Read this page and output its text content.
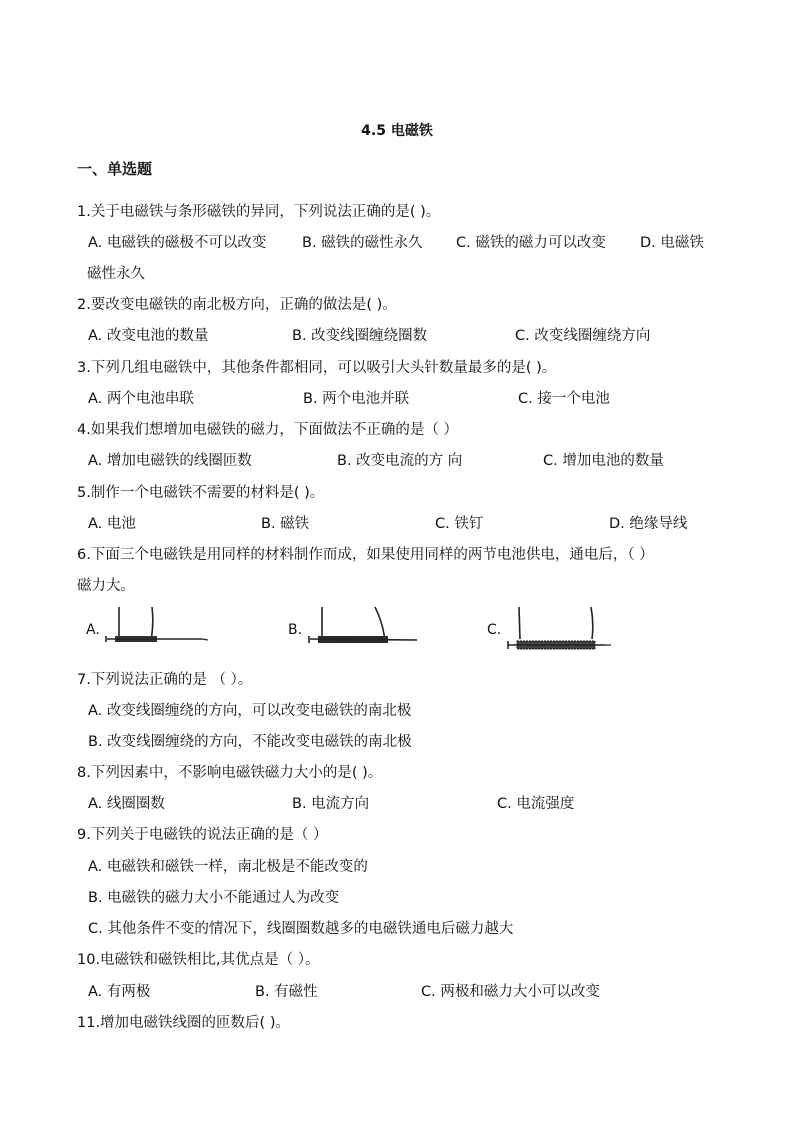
4.5 电磁铁
一、单选题
1.关于电磁铁与条形磁铁的异同，下列说法正确的是( )。
A. 电磁铁的磁极不可以改变 B. 磁铁的磁性永久 C. 磁铁的磁力可以改变 D. 电磁铁
磁性永久
2.要改变电磁铁的南北极方向，正确的做法是( )。
A. 改变电池的数量	B. 改变线圈缠绕圈数	C. 改变线圈缠绕方向
3.下列几组电磁铁中，其他条件都相同，可以吸引大头针数量最多的是( )。
A. 两个电池串联	B. 两个电池并联	C. 接一个电池
4.如果我们想增加电磁铁的磁力，下面做法不正确的是（ ）
A. 增加电磁铁的线圈匝数	B. 改变电流的方 向	C. 增加电池的数量
5.制作一个电磁铁不需要的材料是( )。
A. 电池	B. 磁铁	C. 铁钉	D. 绝缘导线
6.下面三个电磁铁是用同样的材料制作而成，如果使用同样的两节电池供电，通电后，（ ）
磁力大。
A.	B.	C.
7.下列说法正确的是 （ ）。
A. 改变线圈缠绕的方向，可以改变电磁铁的南北极
B. 改变线圈缠绕的方向，不能改变电磁铁的南北极
8.下列因素中，不影响电磁铁磁力大小的是( )。
A. 线圈圈数	B. 电流方向	C. 电流强度
9.下列关于电磁铁的说法正确的是（ ）
A. 电磁铁和磁铁一样，南北极是不能改变的
B. 电磁铁的磁力大小不能通过人为改变
C. 其他条件不变的情况下，线圈圈数越多的电磁铁通电后磁力越大
10.电磁铁和磁铁相比,其优点是（ ）。
A. 有两极	B. 有磁性	C. 两极和磁力大小可以改变
11.增加电磁铁线圈的匝数后( )。
